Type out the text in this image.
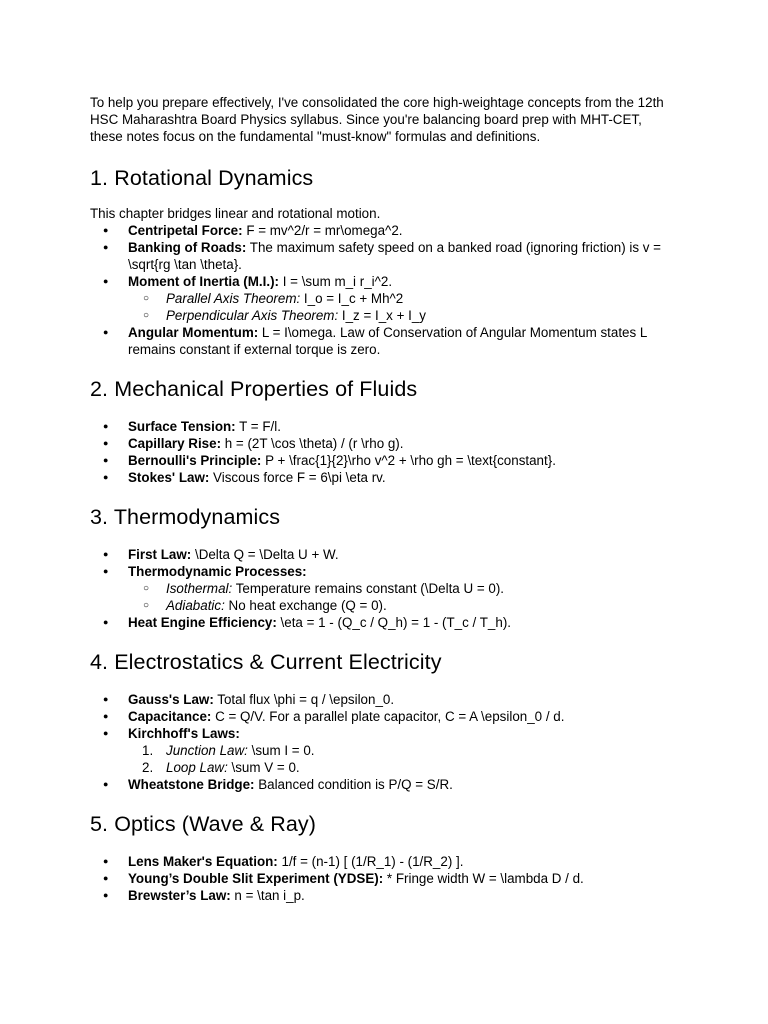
To help you prepare effectively, I've consolidated the core high-weightage concepts from the 12th HSC Maharashtra Board Physics syllabus. Since you're balancing board prep with MHT-CET, these notes focus on the fundamental "must-know" formulas and definitions.

1. Rotational Dynamics

This chapter bridges linear and rotational motion.

● Centripetal Force: F = mv^2/r = mr\omega^2.
● Banking of Roads: The maximum safety speed on a banked road (ignoring friction) is v = \sqrt{rg \tan \theta}.
● Moment of Inertia (M.I.): I = \sum m_i r_i^2.
○ Parallel Axis Theorem: I_o = I_c + Mh^2
○ Perpendicular Axis Theorem: I_z = I_x + I_y
● Angular Momentum: L = I\omega. Law of Conservation of Angular Momentum states L remains constant if external torque is zero.
2. Mechanical Properties of Fluids
● Surface Tension: T = F/l.
● Capillary Rise: h = (2T \cos \theta) / (r \rho g).
● Bernoulli's Principle: P + \frac{1}{2}\rho v^2 + \rho gh = \text{constant}.
● Stokes' Law: Viscous force F = 6\pi \eta rv.
3. Thermodynamics
● First Law: \Delta Q = \Delta U + W.
● Thermodynamic Processes:
○ Isothermal: Temperature remains constant (\Delta U = 0).
○ Adiabatic: No heat exchange (Q = 0).
● Heat Engine Efficiency: \eta = 1 - (Q_c / Q_h) = 1 - (T_c / T_h).
4. Electrostatics & Current Electricity
● Gauss's Law: Total flux \phi = q / \epsilon_0.
● Capacitance: C = Q/V. For a parallel plate capacitor, C = A \epsilon_0 / d.
● Kirchhoff's Laws:
1. Junction Law: \sum I = 0.
2. Loop Law: \sum V = 0.
● Wheatstone Bridge: Balanced condition is P/Q = S/R.
5. Optics (Wave & Ray)
● Lens Maker's Equation: 1/f = (n-1) [ (1/R_1) - (1/R_2) ].
● Young’s Double Slit Experiment (YDSE): * Fringe width W = \lambda D / d.
● Brewster’s Law: n = \tan i_p.
